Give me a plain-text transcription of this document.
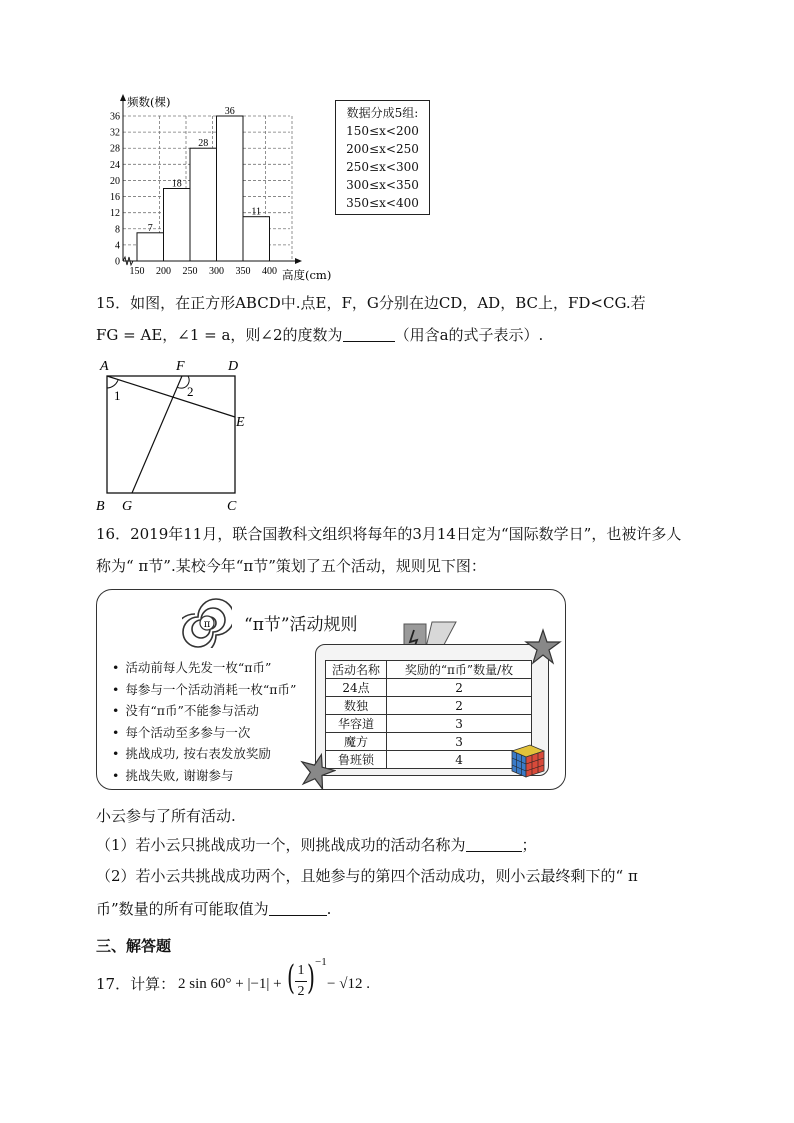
7
18
28
36
11
0
4
8
12
16
20
24
28
32
36
150 200 250 300 350 400
频数(棵)
高度(cm)
数据分成5组:
150≤x<200
200≤x<250
250≤x<300
300≤x<350
350≤x<400
15．如图，在正方形ABCD中.点E，F，G分别在边CD，AD，BC上，FD<CG.若
FG = AE，∠1 = a，则∠2的度数为	（用含a的式子表示）.
A	F	D
E
B G	C
1	2
16．2019年11月，联合国教科文组织将每年的3月14日定为“国际数学日”，也被许多人
称为“ π节”.某校今年“π节”策划了五个活动，规则见下图：
π “π节”活动规则
• 活动前每人先发一枚“π币”
• 每参与一个活动消耗一枚“π币”
• 没有“π币”不能参与活动
• 每个活动至多参与一次
• 挑战成功, 按右表发放奖励
• 挑战失败, 谢谢参与
活动名称	奖励的“π币”数量/枚
24点	2
数独	2
华容道	3
魔方	3
鲁班锁	4
小云参与了所有活动.
（1）若小云只挑战成功一个，则挑战成功的活动名称为	；
（2）若小云共挑战成功两个，且她参与的第四个活动成功，则小云最终剩下的“ π
币”数量的所有可能取值为	.
三、解答题
17．计算： 2 sin 60° + |−1| + ( 1
2 ) −1
− √12 .
